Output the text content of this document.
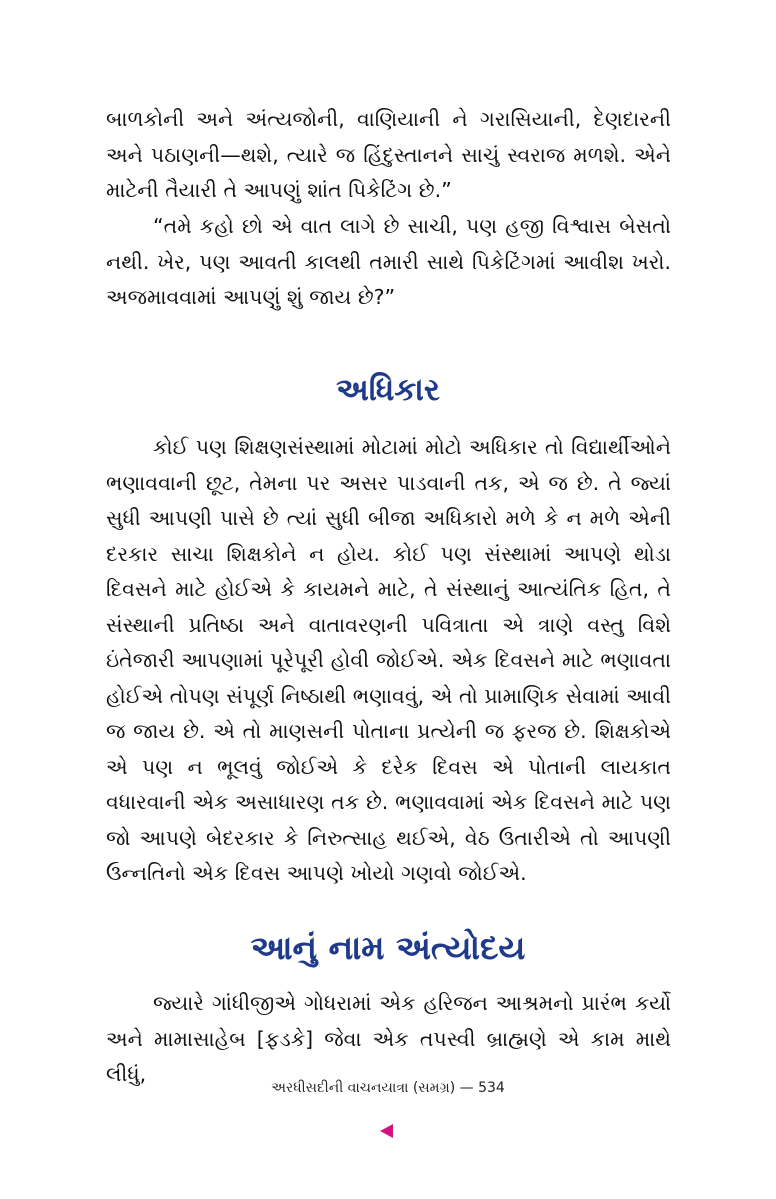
બાળકોની અને અંત્યજોની, વાણિયાની ને ગરાસિયાની, દેણદારની અને પઠાણની—થશે, ત્યારે જ હિંદુસ્તાનને સાચું સ્વરાજ મળશે. એને માટેની તૈયારી તે આપણું શાંત પિકેટિંગ છે.”

“તમે કહો છો એ વાત લાગે છે સાચી, પણ હજી વિશ્વાસ બેસતો નથી. ખેર, પણ આવતી કાલથી તમારી સાથે પિકેટિંગમાં આવીશ ખરો. અજમાવવામાં આપણું શું જાય છે?”

અધિકાર

કોઈ પણ શિક્ષણસંસ્થામાં મોટામાં મોટો અધિકાર તો વિદ્યાર્થીઓને ભણાવવાની છૂટ, તેમના પર અસર પાડવાની તક, એ જ છે. તે જ્યાં સુધી આપણી પાસે છે ત્યાં સુધી બીજા અધિકારો મળે કે ન મળે એની દરકાર સાચા શિક્ષકોને ન હોય. કોઈ પણ સંસ્થામાં આપણે થોડા દિવસને માટે હોઈએ કે કાયમને માટે, તે સંસ્થાનું આત્યંતિક હિત, તે સંસ્થાની પ્રતિષ્ઠા અને વાતાવરણની પવિત્રાતા એ ત્રાણે વસ્તુ વિશે ઇંતેજારી આપણામાં પૂરેપૂરી હોવી જોઈએ. એક દિવસને માટે ભણાવતા હોઈએ તોપણ સંપૂર્ણ નિષ્ઠાથી ભણાવવું, એ તો પ્રામાણિક સેવામાં આવી જ જાય છે. એ તો માણસની પોતાના પ્રત્યેની જ ફરજ છે. શિક્ષકોએ એ પણ ન ભૂલવું જોઈએ કે દરેક દિવસ એ પોતાની લાયકાત વધારવાની એક અસાધારણ તક છે. ભણાવવામાં એક દિવસને માટે પણ જો આપણે બેદરકાર કે નિરુત્સાહ થઈએ, વેઠ ઉતારીએ તો આપણી ઉન્નતિનો એક દિવસ આપણે ખોયો ગણવો જોઈએ.

આનું નામ અંત્યોદય

જ્યારે ગાંધીજીએ ગોધરામાં એક હરિજન આશ્રમનો પ્રારંભ કર્યો અને મામાસાહેબ [ફડકે] જેવા એક તપસ્વી બ્રાહ્મણે એ કામ માથે લીધું,

અરધીસદીની વાચનયાત્રા (સમગ્ર) — 534
